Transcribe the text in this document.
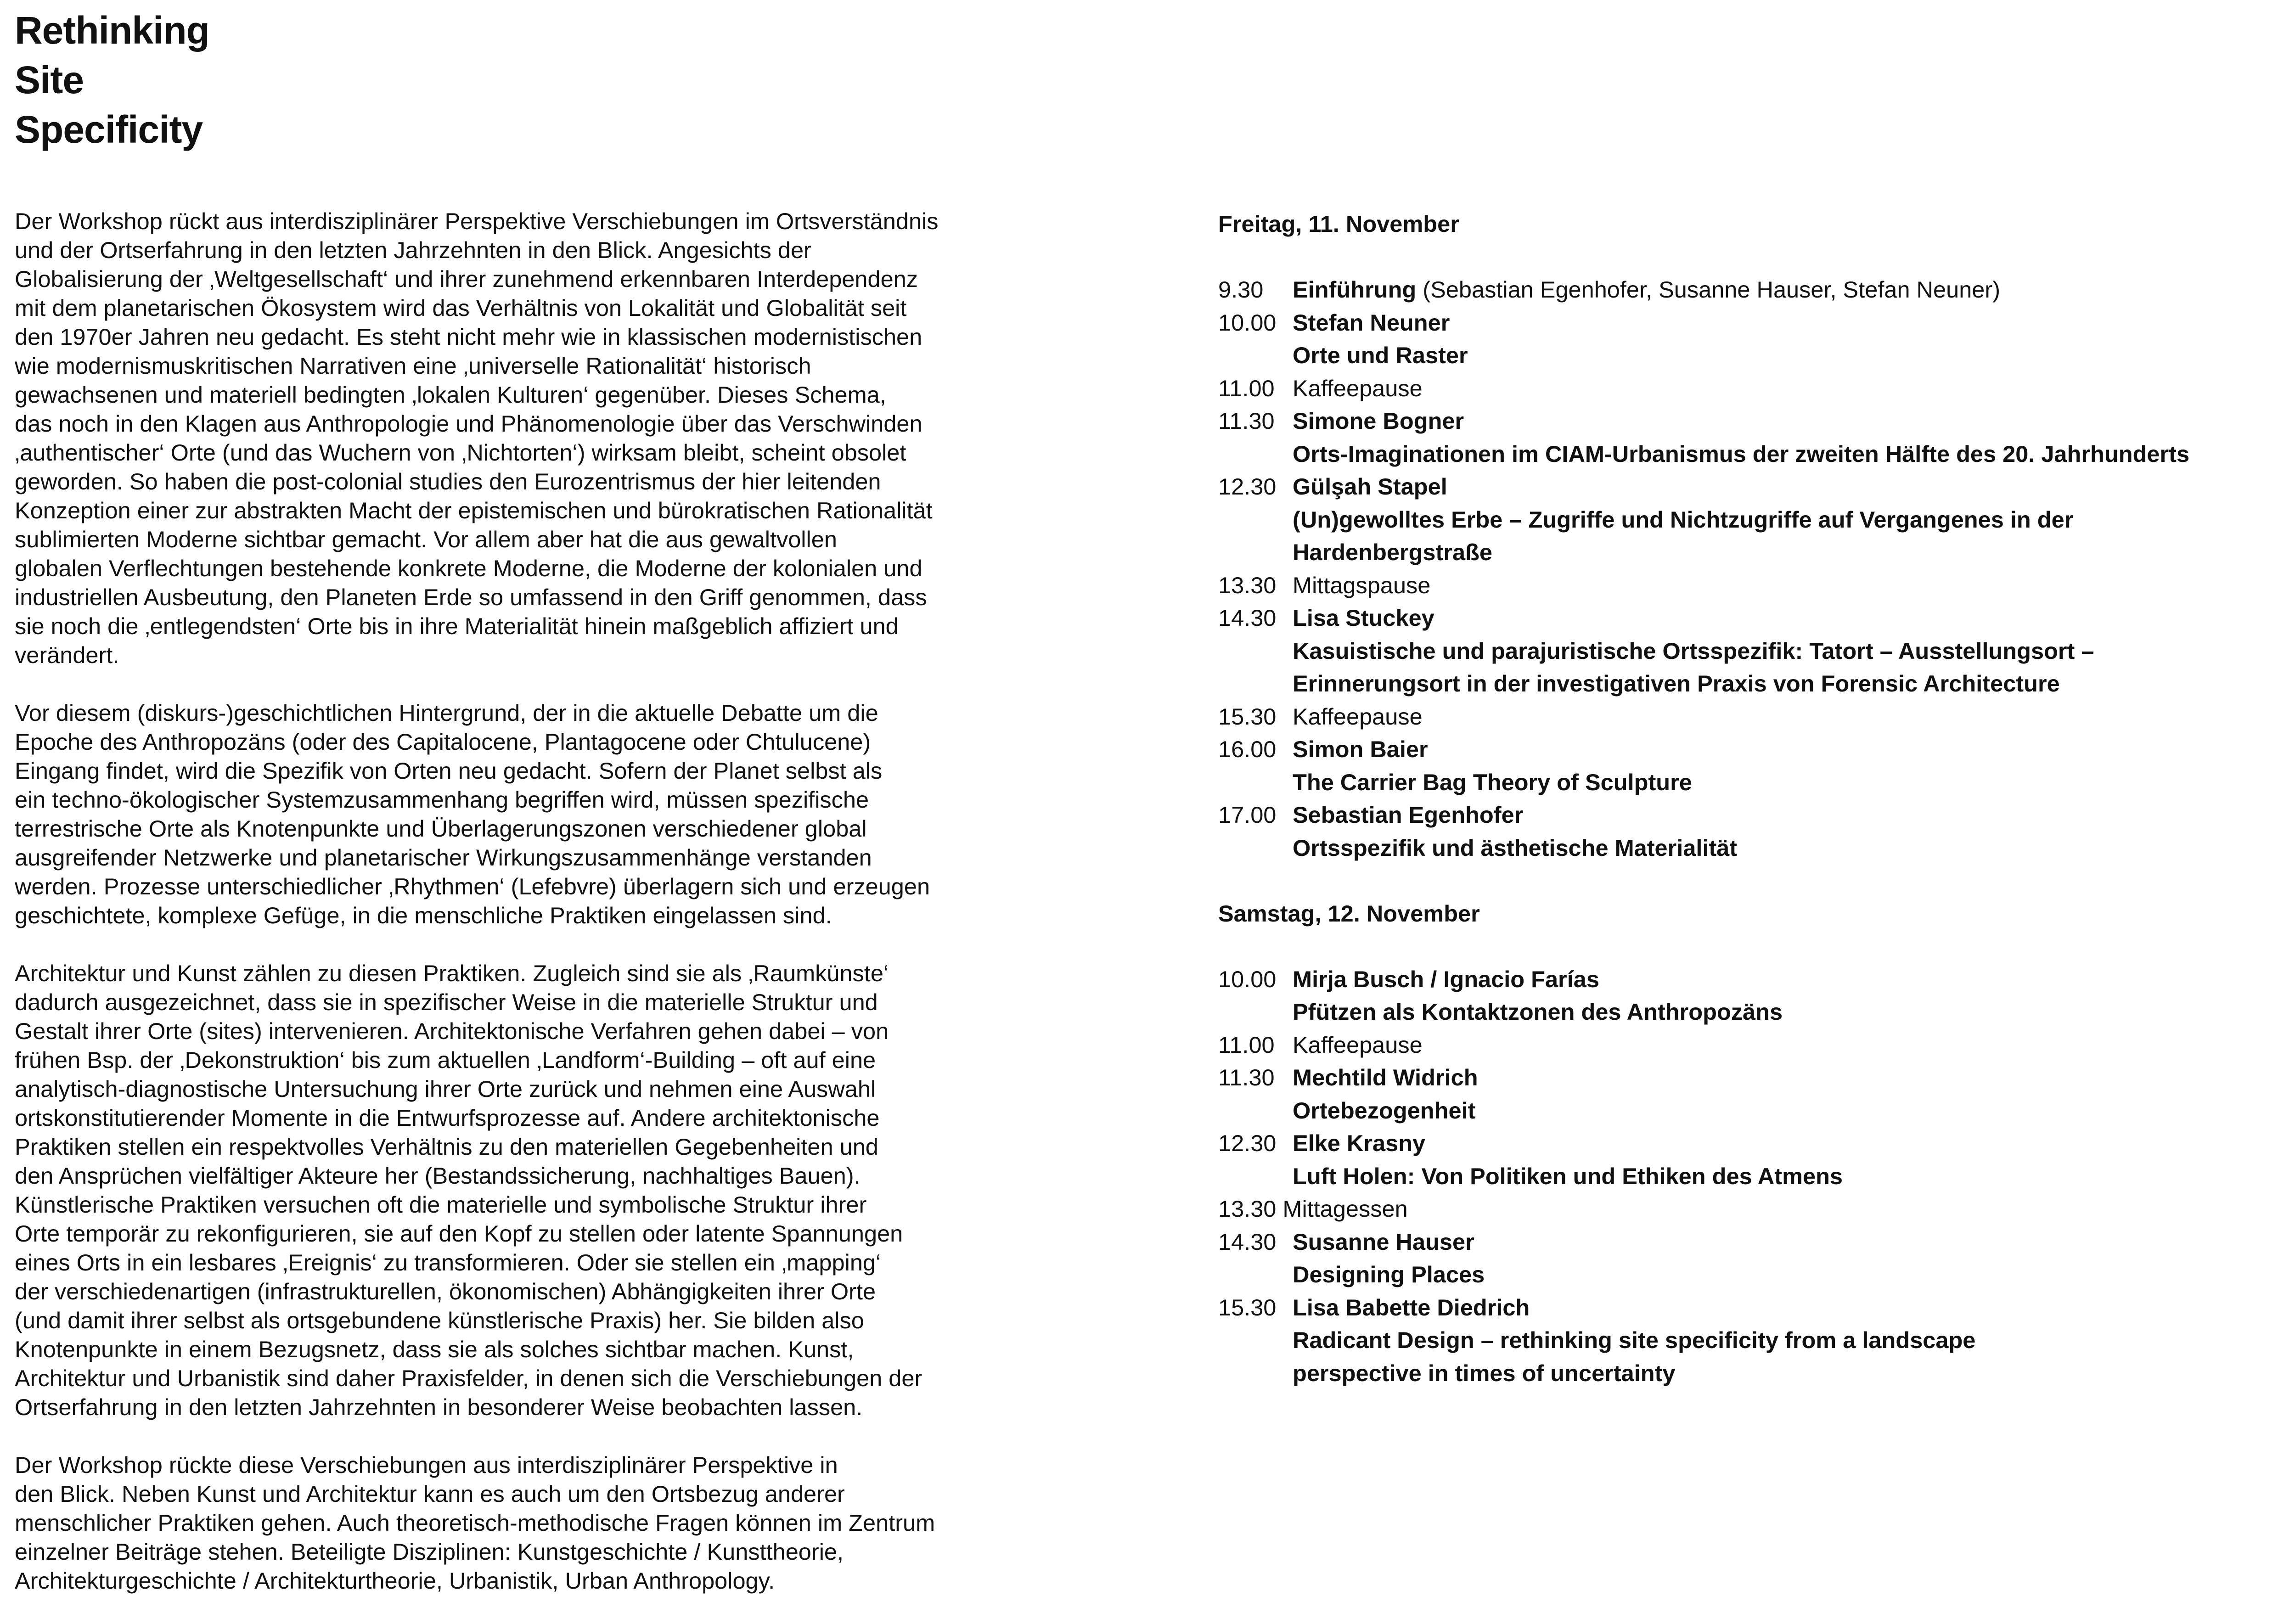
Rethinking
Site
Specificity

Der Workshop rückt aus interdisziplinärer Perspektive Verschiebungen im Ortsverständnis
und der Ortserfahrung in den letzten Jahrzehnten in den Blick. Angesichts der
Globalisierung der ‚Weltgesellschaft‘ und ihrer zunehmend erkennbaren Interdependenz
mit dem planetarischen Ökosystem wird das Verhältnis von Lokalität und Globalität seit
den 1970er Jahren neu gedacht. Es steht nicht mehr wie in klassischen modernistischen
wie modernismuskritischen Narrativen eine ‚universelle Rationalität‘ historisch
gewachsenen und materiell bedingten ‚lokalen Kulturen‘ gegenüber. Dieses Schema,
das noch in den Klagen aus Anthropologie und Phänomenologie über das Verschwinden
‚authentischer‘ Orte (und das Wuchern von ‚Nichtorten‘) wirksam bleibt, scheint obsolet
geworden. So haben die post-colonial studies den Eurozentrismus der hier leitenden
Konzeption einer zur abstrakten Macht der epistemischen und bürokratischen Rationalität
sublimierten Moderne sichtbar gemacht. Vor allem aber hat die aus gewaltvollen
globalen Verflechtungen bestehende konkrete Moderne, die Moderne der kolonialen und
industriellen Ausbeutung, den Planeten Erde so umfassend in den Griff genommen, dass
sie noch die ‚entlegendsten‘ Orte bis in ihre Materialität hinein maßgeblich affiziert und
verändert.

Vor diesem (diskurs-)geschichtlichen Hintergrund, der in die aktuelle Debatte um die
Epoche des Anthropozäns (oder des Capitalocene, Plantagocene oder Chtulucene)
Eingang findet, wird die Spezifik von Orten neu gedacht. Sofern der Planet selbst als
ein techno-ökologischer Systemzusammenhang begriffen wird, müssen spezifische
terrestrische Orte als Knotenpunkte und Überlagerungszonen verschiedener global
ausgreifender Netzwerke und planetarischer Wirkungszusammenhänge verstanden
werden. Prozesse unterschiedlicher ‚Rhythmen‘ (Lefebvre) überlagern sich und erzeugen
geschichtete, komplexe Gefüge, in die menschliche Praktiken eingelassen sind.

Architektur und Kunst zählen zu diesen Praktiken. Zugleich sind sie als ‚Raumkünste‘
dadurch ausgezeichnet, dass sie in spezifischer Weise in die materielle Struktur und
Gestalt ihrer Orte (sites) intervenieren. Architektonische Verfahren gehen dabei – von
frühen Bsp. der ‚Dekonstruktion‘ bis zum aktuellen ‚Landform‘-Building – oft auf eine
analytisch-diagnostische Untersuchung ihrer Orte zurück und nehmen eine Auswahl
ortskonstitutierender Momente in die Entwurfsprozesse auf. Andere architektonische
Praktiken stellen ein respektvolles Verhältnis zu den materiellen Gegebenheiten und
den Ansprüchen vielfältiger Akteure her (Bestandssicherung, nachhaltiges Bauen).
Künstlerische Praktiken versuchen oft die materielle und symbolische Struktur ihrer
Orte temporär zu rekonfigurieren, sie auf den Kopf zu stellen oder latente Spannungen
eines Orts in ein lesbares ‚Ereignis‘ zu transformieren. Oder sie stellen ein ‚mapping‘
der verschiedenartigen (infrastrukturellen, ökonomischen) Abhängigkeiten ihrer Orte
(und damit ihrer selbst als ortsgebundene künstlerische Praxis) her. Sie bilden also
Knotenpunkte in einem Bezugsnetz, dass sie als solches sichtbar machen. Kunst,
Architektur und Urbanistik sind daher Praxisfelder, in denen sich die Verschiebungen der
Ortserfahrung in den letzten Jahrzehnten in besonderer Weise beobachten lassen.

Der Workshop rückte diese Verschiebungen aus interdisziplinärer Perspektive in
den Blick. Neben Kunst und Architektur kann es auch um den Ortsbezug anderer
menschlicher Praktiken gehen. Auch theoretisch-methodische Fragen können im Zentrum
einzelner Beiträge stehen. Beteiligte Disziplinen: Kunstgeschichte / Kunsttheorie,
Architekturgeschichte / Architekturtheorie, Urbanistik, Urban Anthropology.

Freitag, 11. November
9.30	Einführung (Sebastian Egenhofer, Susanne Hauser, Stefan Neuner)
10.00 Stefan Neuner
Orte und Raster
11.00 Kaffeepause
11.30 Simone Bogner
Orts-Imaginationen im CIAM-Urbanismus der zweiten Hälfte des 20. Jahrhunderts
12.30 Gülşah Stapel
(Un)gewolltes Erbe – Zugriffe und Nichtzugriffe auf Vergangenes in der
Hardenbergstraße
13.30 Mittagspause
14.30 Lisa Stuckey
Kasuistische und parajuristische Ortsspezifik: Tatort – Ausstellungsort –
Erinnerungsort in der investigativen Praxis von Forensic Architecture
15.30 Kaffeepause
16.00 Simon Baier
The Carrier Bag Theory of Sculpture
17.00 Sebastian Egenhofer
Ortsspezifik und ästhetische Materialität
Samstag, 12. November
10.00 Mirja Busch / Ignacio Farías
Pfützen als Kontaktzonen des Anthropozäns
11.00 Kaffeepause
11.30 Mechtild Widrich
Ortebezogenheit
12.30 Elke Krasny
Luft Holen: Von Politiken und Ethiken des Atmens
13.30 Mittagessen
14.30 Susanne Hauser
Designing Places
15.30 Lisa Babette Diedrich
Radicant Design – rethinking site specificity from a landscape
perspective in times of uncertainty
